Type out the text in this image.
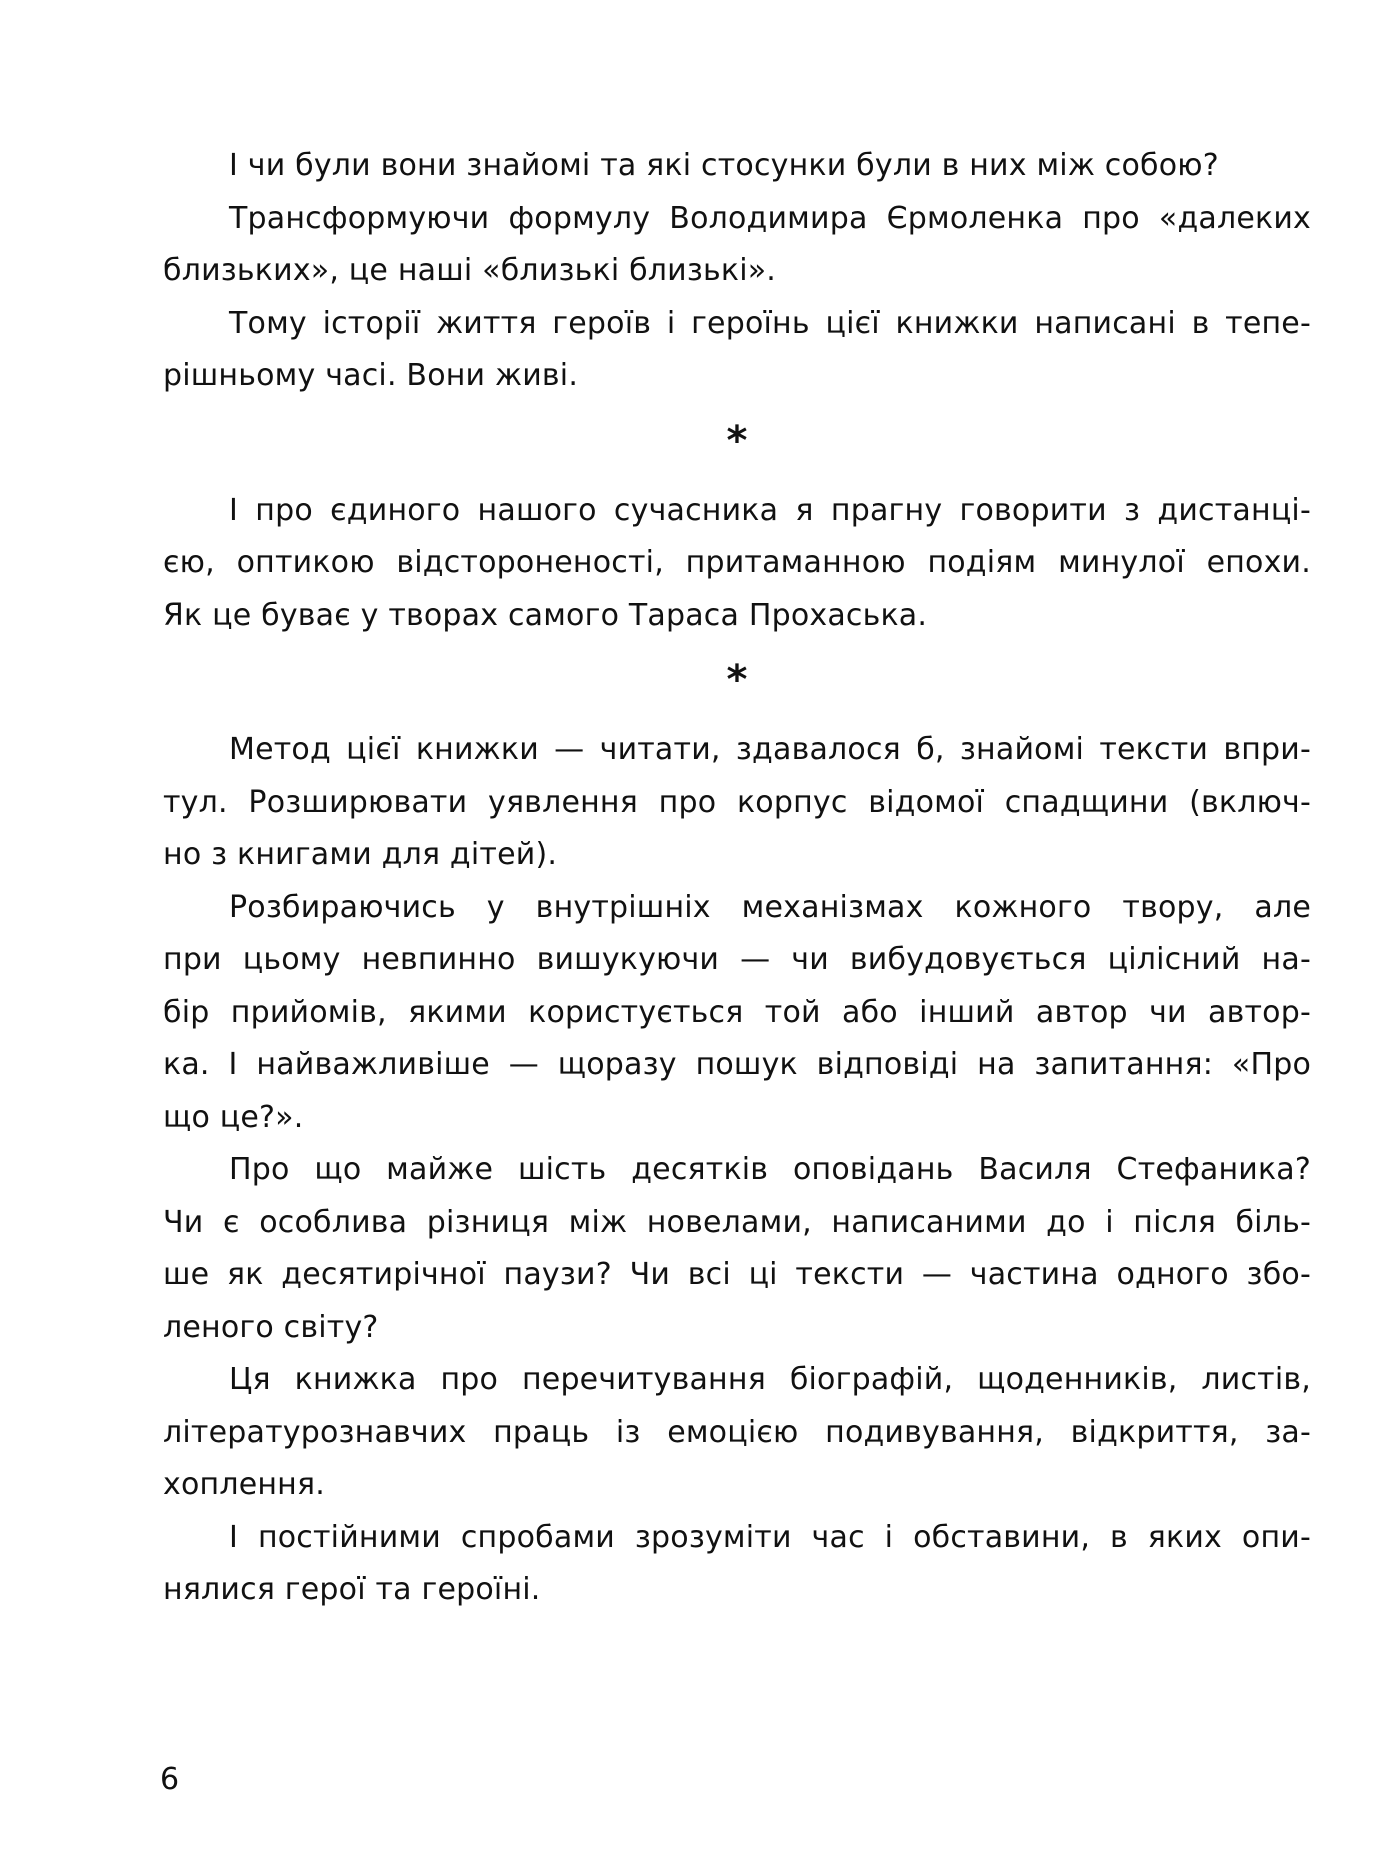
І чи були вони знайомі та які стосунки були в них між собою?

Трансформуючи формулу Володимира Єрмоленка про «далеких
близьких», це наші «близькі близькі».

Тому історії життя героїв і героїнь цієї книжки написані в тепе-
рішньому часі. Вони живі.

*

І про єдиного нашого сучасника я прагну говорити з дистанці-
єю, оптикою відстороненості, притаманною подіям минулої епохи.
Як це буває у творах самого Тараса Прохаська.

*

Метод цієї книжки — читати, здавалося б, знайомі тексти впри-
тул. Розширювати уявлення про корпус відомої спадщини (включ-
но з книгами для дітей).

Розбираючись у внутрішніх механізмах кожного твору, але
при цьому невпинно вишукуючи — чи вибудовується цілісний на-
бір прийомів, якими користується той або інший автор чи автор-
ка. І найважливіше — щоразу пошук відповіді на запитання: «Про
що це?».

Про що майже шість десятків оповідань Василя Стефаника?
Чи є особлива різниця між новелами, написаними до і після біль-
ше як десятирічної паузи? Чи всі ці тексти — частина одного збо-
леного світу?

Ця книжка про перечитування біографій, щоденників, листів,
літературознавчих праць із емоцією подивування, відкриття, за-
хоплення.

І постійними спробами зрозуміти час і обставини, в яких опи-
нялися герої та героїні.

6
